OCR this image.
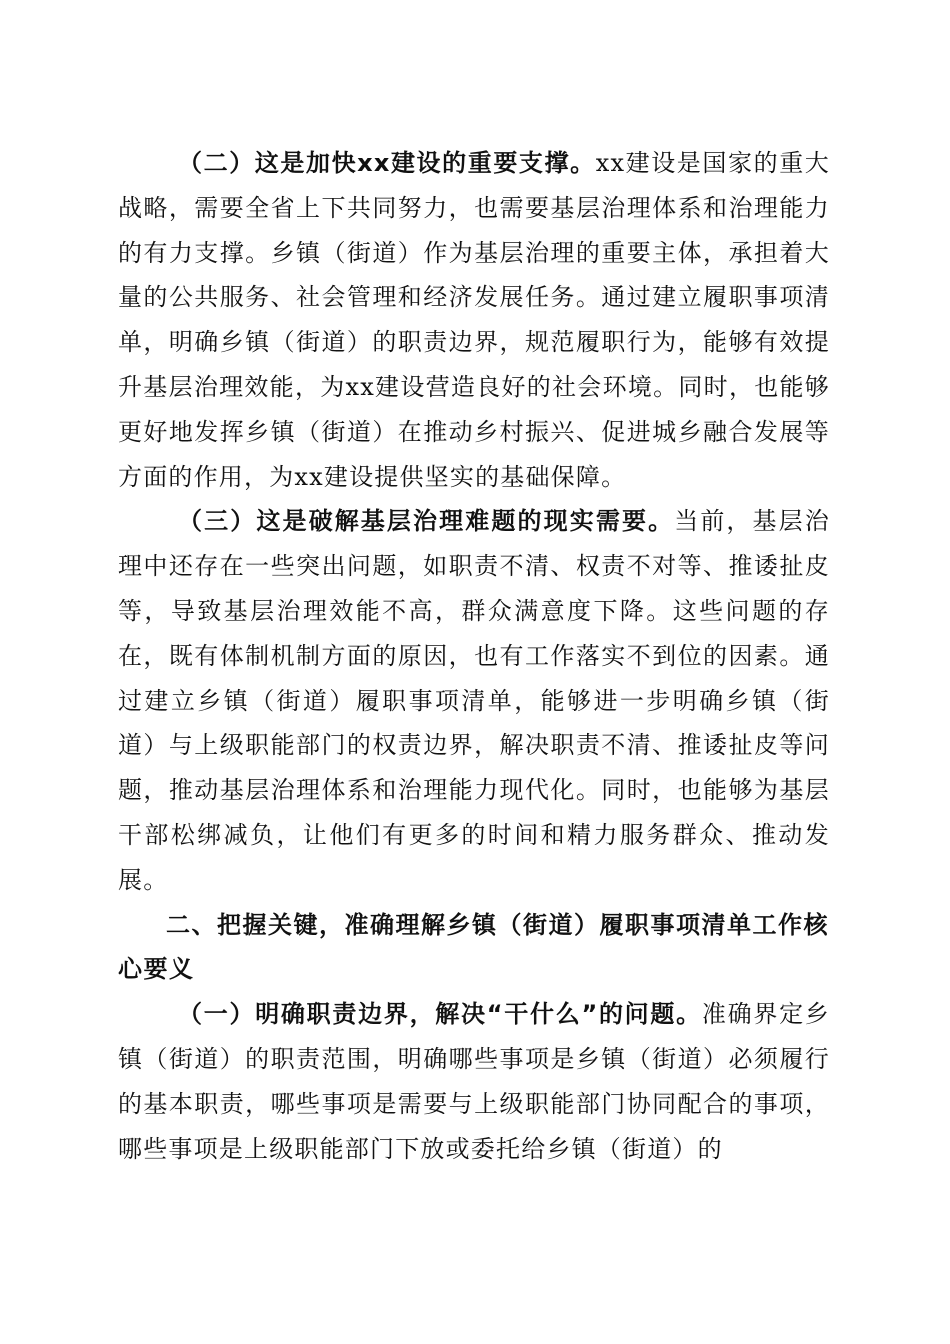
（二）这是加快xx建设的重要支撑。xx建设是国家的重大战略，需要全省上下共同努力，也需要基层治理体系和治理能力的有力支撑。乡镇（街道）作为基层治理的重要主体，承担着大量的公共服务、社会管理和经济发展任务。通过建立履职事项清单，明确乡镇（街道）的职责边界，规范履职行为，能够有效提升基层治理效能，为xx建设营造良好的社会环境。同时，也能够更好地发挥乡镇（街道）在推动乡村振兴、促进城乡融合发展等方面的作用，为xx建设提供坚实的基础保障。

（三）这是破解基层治理难题的现实需要。当前，基层治理中还存在一些突出问题，如职责不清、权责不对等、推诿扯皮等，导致基层治理效能不高，群众满意度下降。这些问题的存在，既有体制机制方面的原因，也有工作落实不到位的因素。通过建立乡镇（街道）履职事项清单，能够进一步明确乡镇（街道）与上级职能部门的权责边界，解决职责不清、推诿扯皮等问题，推动基层治理体系和治理能力现代化。同时，也能够为基层干部松绑减负，让他们有更多的时间和精力服务群众、推动发展。

二、把握关键，准确理解乡镇（街道）履职事项清单工作核心要义

（一）明确职责边界，解决“干什么”的问题。准确界定乡镇（街道）的职责范围，明确哪些事项是乡镇（街道）必须履行的基本职责，哪些事项是需要与上级职能部门协同配合的事项，哪些事项是上级职能部门下放或委托给乡镇（街道）的
